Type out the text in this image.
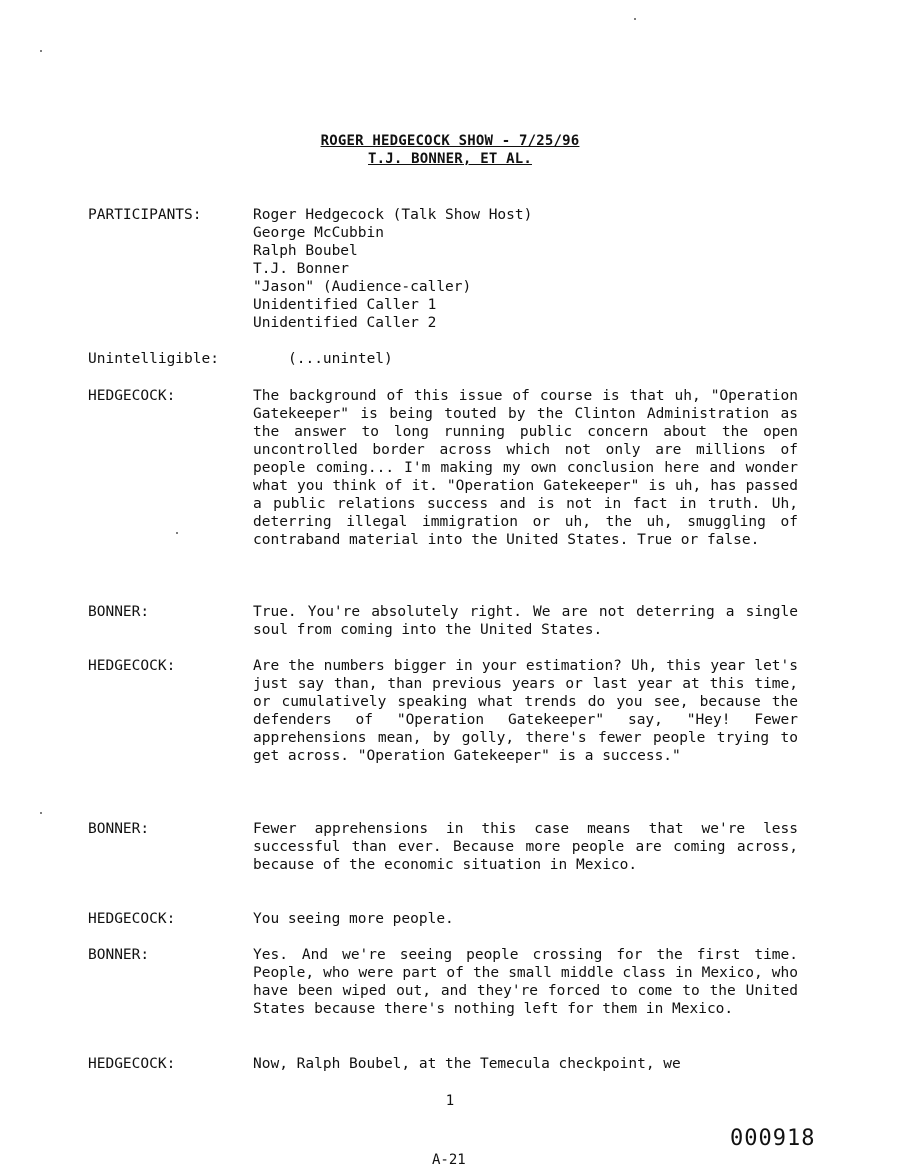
ROGER HEDGECOCK SHOW - 7/25/96
T.J. BONNER, ET AL.
PARTICIPANTS:	Roger Hedgecock (Talk Show Host)
George McCubbin
Ralph Boubel
T.J. Bonner
"Jason" (Audience-caller)
Unidentified Caller 1
Unidentified Caller 2
Unintelligible:	(...unintel)
HEDGECOCK:	The background of this issue of course is that uh, "Operation Gatekeeper" is being touted by the Clinton Administration as the answer to long running public concern about the open uncontrolled border across which not only are millions of people coming... I'm making my own conclusion here and wonder what you think of it. "Operation Gatekeeper" is uh, has passed a public relations success and is not in fact in truth. Uh, deterring illegal immigration or uh, the uh, smuggling of contraband material into the United States. True or false.
BONNER:	True. You're absolutely right. We are not deterring a single soul from coming into the United States.
HEDGECOCK:	Are the numbers bigger in your estimation? Uh, this year let's just say than, than previous years or last year at this time, or cumulatively speaking what trends do you see, because the defenders of "Operation Gatekeeper" say, "Hey! Fewer apprehensions mean, by golly, there's fewer people trying to get across. "Operation Gatekeeper" is a success."
BONNER:	Fewer apprehensions in this case means that we're less successful than ever. Because more people are coming across, because of the economic situation in Mexico.
HEDGECOCK:	You seeing more people.
BONNER:	Yes. And we're seeing people crossing for the first time. People, who were part of the small middle class in Mexico, who have been wiped out, and they're forced to come to the United States because there's nothing left for them in Mexico.
HEDGECOCK:	Now, Ralph Boubel, at the Temecula checkpoint, we
1
000918
A-21
